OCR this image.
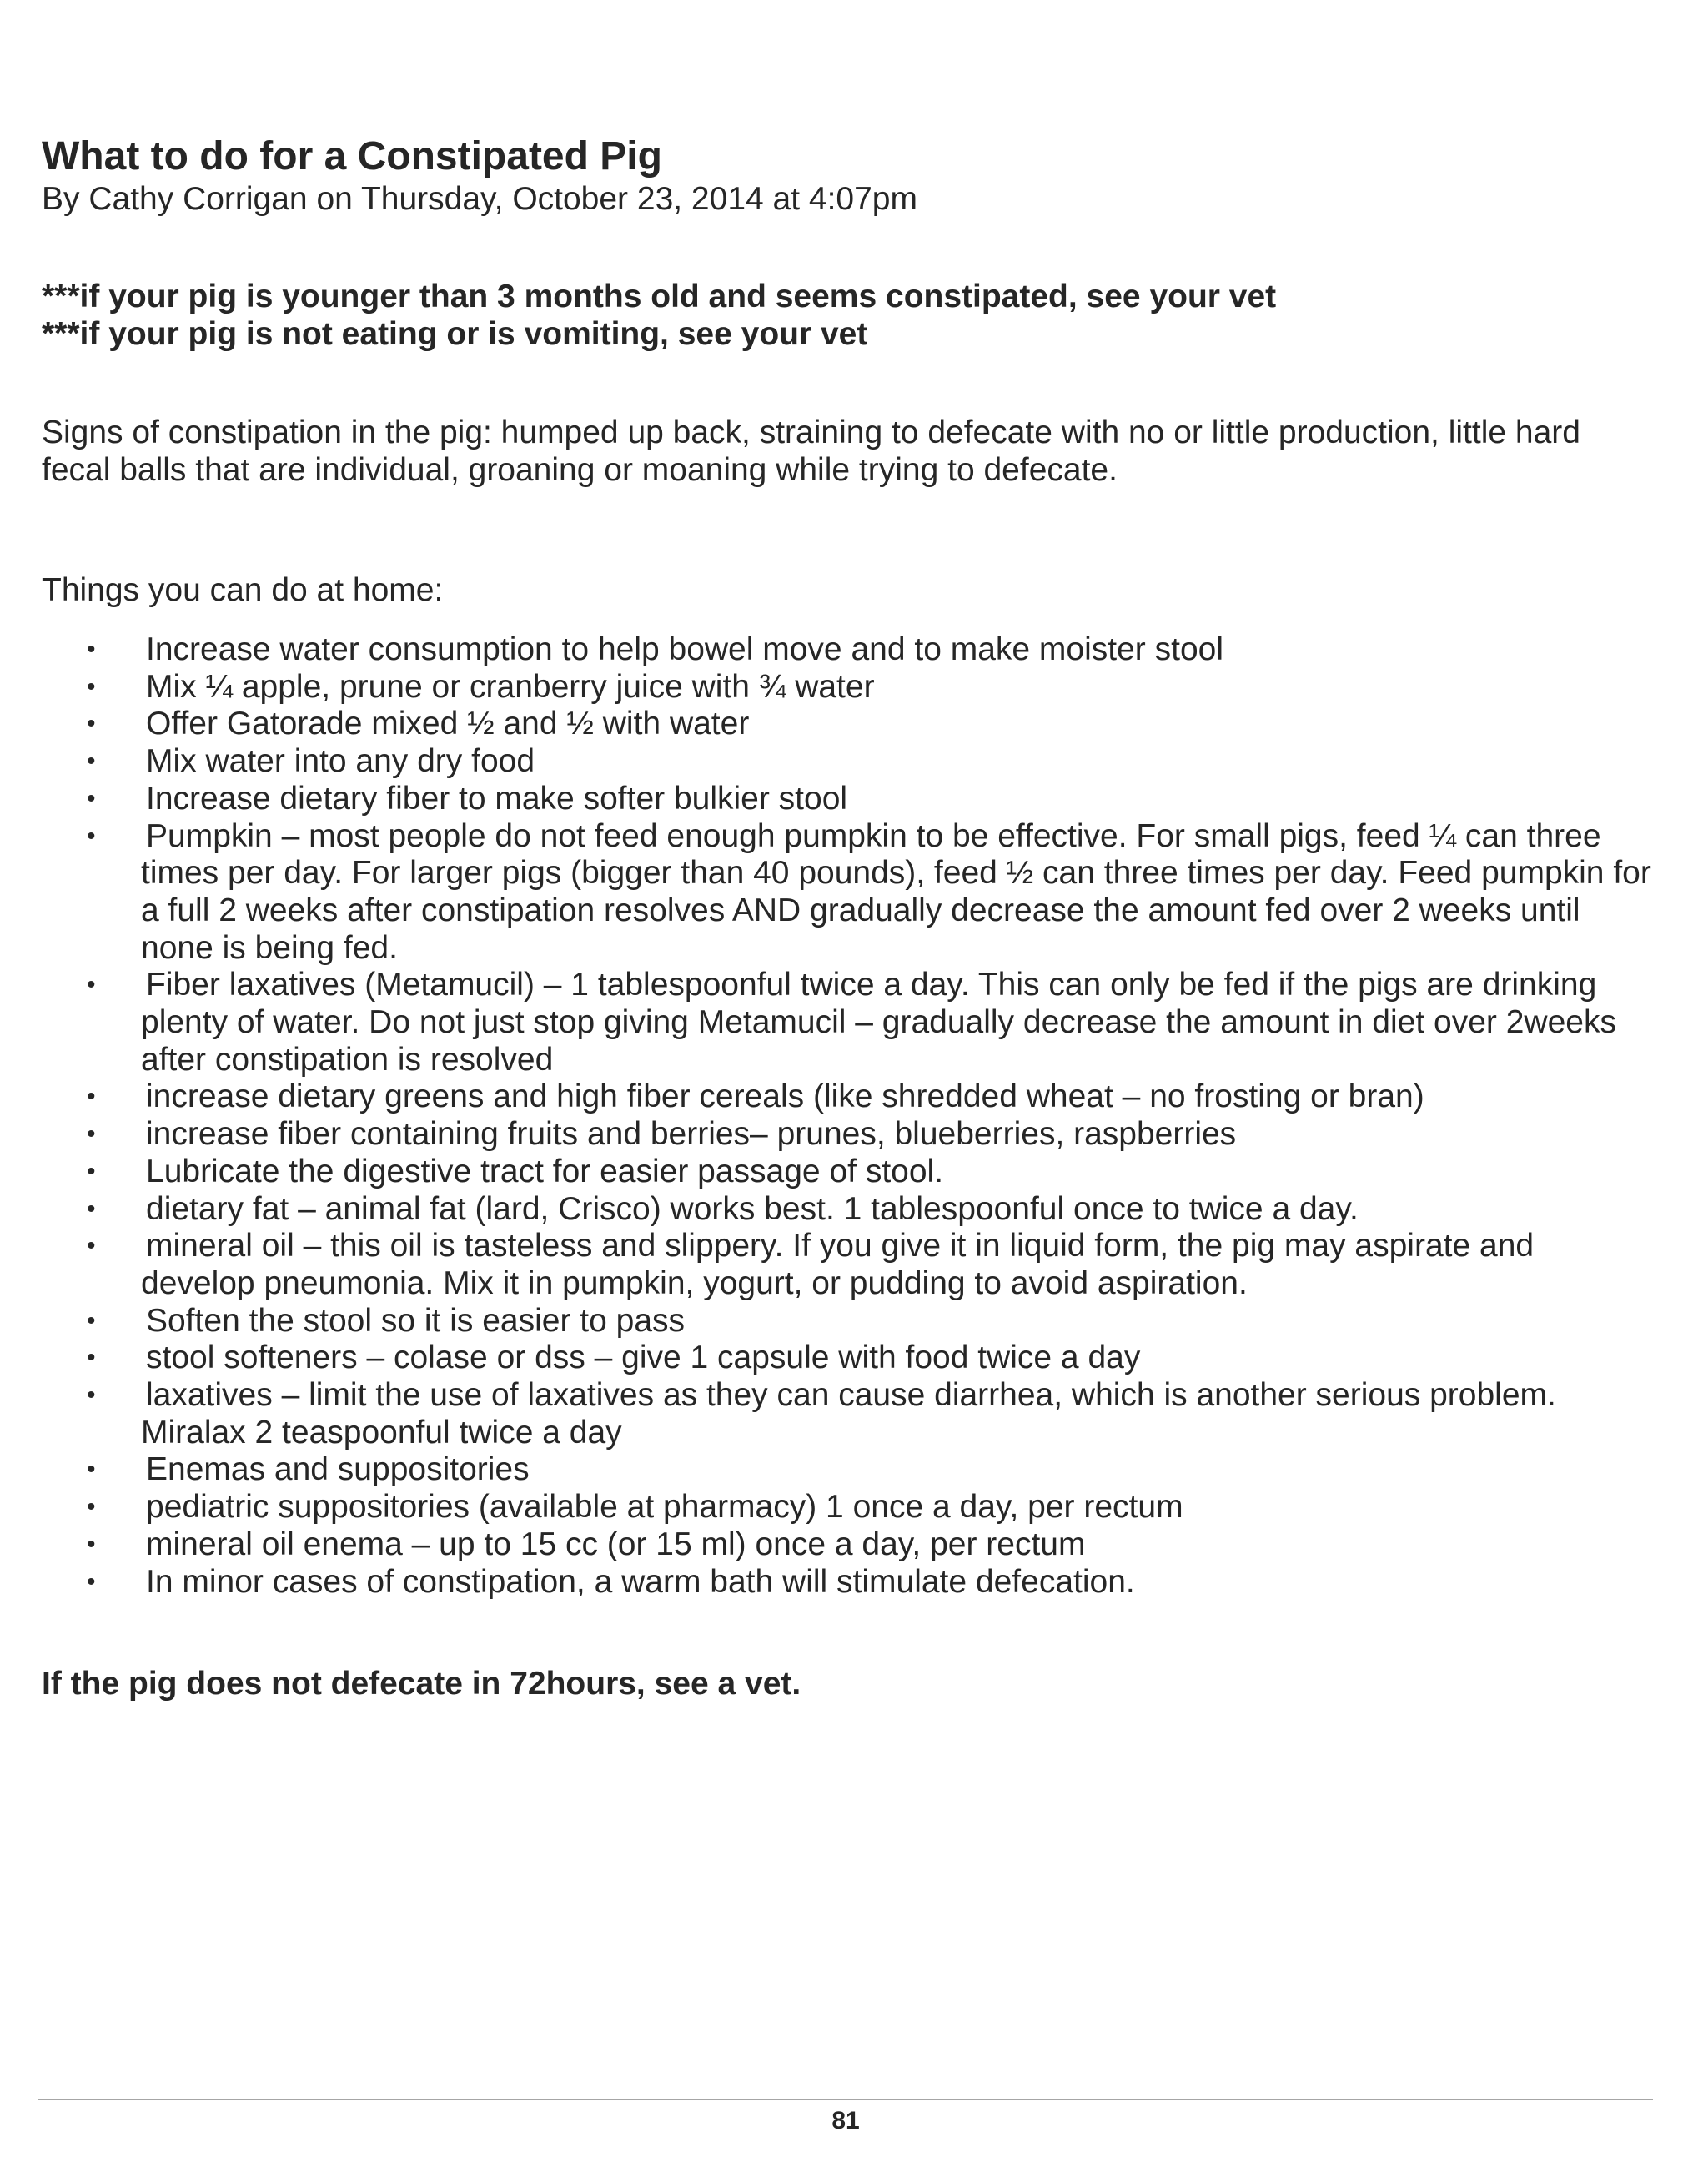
What to do for a Constipated Pig

By Cathy Corrigan on Thursday, October 23, 2014 at 4:07pm

***if your pig is younger than 3 months old and seems constipated, see your vet
***if your pig is not eating or is vomiting, see your vet

Signs of constipation in the pig: humped up back, straining to defecate with no or little production, little hard fecal balls that are individual, groaning or moaning while trying to defecate.

Things you can do at home:

• Increase water consumption to help bowel move and to make moister stool
• Mix ¼ apple, prune or cranberry juice with ¾ water
• Offer Gatorade mixed ½ and ½ with water
• Mix water into any dry food
• Increase dietary fiber to make softer bulkier stool
• Pumpkin – most people do not feed enough pumpkin to be effective. For small pigs, feed ¼ can three times per day. For larger pigs (bigger than 40 pounds), feed ½ can three times per day. Feed pumpkin for a full 2 weeks after constipation resolves AND gradually decrease the amount fed over 2 weeks until none is being fed.
• Fiber laxatives (Metamucil) – 1 tablespoonful twice a day. This can only be fed if the pigs are drinking plenty of water. Do not just stop giving Metamucil – gradually decrease the amount in diet over 2weeks after constipation is resolved
• increase dietary greens and high fiber cereals (like shredded wheat – no frosting or bran)
• increase fiber containing fruits and berries– prunes, blueberries, raspberries
• Lubricate the digestive tract for easier passage of stool.
• dietary fat – animal fat (lard, Crisco) works best. 1 tablespoonful once to twice a day.
• mineral oil – this oil is tasteless and slippery. If you give it in liquid form, the pig may aspirate and develop pneumonia. Mix it in pumpkin, yogurt, or pudding to avoid aspiration.
• Soften the stool so it is easier to pass
• stool softeners – colase or dss – give 1 capsule with food twice a day
• laxatives – limit the use of laxatives as they can cause diarrhea, which is another serious problem. Miralax 2 teaspoonful twice a day
• Enemas and suppositories
• pediatric suppositories (available at pharmacy) 1 once a day, per rectum
• mineral oil enema – up to 15 cc (or 15 ml) once a day, per rectum
• In minor cases of constipation, a warm bath will stimulate defecation.

If the pig does not defecate in 72hours, see a vet.

81
